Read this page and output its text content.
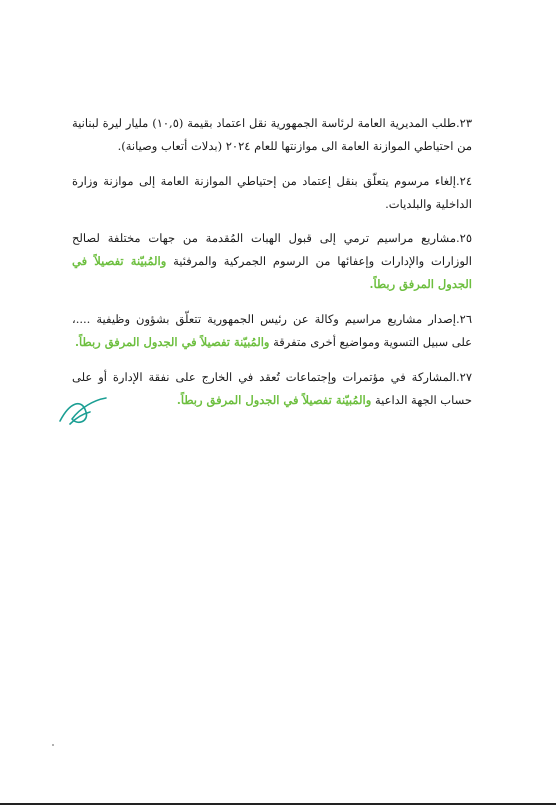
٢٣.طلب المديرية العامة لرئاسة الجمهورية نقل اعتماد بقيمة (١٠,٥) مليار ليرة لبنانية من احتياطي الموازنة العامة الى موازنتها للعام ٢٠٢٤ (بدلات أتعاب وصيانة).

٢٤.إلغاء مرسوم يتعلّق بنقل إعتماد من إحتياطي الموازنة العامة إلى موازنة وزارة الداخلية والبلديات.

٢٥.مشاريع مراسيم ترمي إلى قبول الهبات المُقدمة من جهات مختلفة لصالح الوزارات والإدارات وإعفائها من الرسوم الجمركية والمرفئية والمُبيّنة تفصيلاً في الجدول المرفق ربطاً.

٢٦.إصدار مشاريع مراسيم وكالة عن رئيس الجمهورية تتعلّق بشؤون وظيفية ....، على سبيل التسوية ومواضيع أخرى متفرقة والمُبيّنة تفصيلاً في الجدول المرفق ربطاً.

٢٧.المشاركة في مؤتمرات وإجتماعات تُعقد في الخارج على نفقة الإدارة أو على حساب الجهة الداعية والمُبيّنة تفصيلاً في الجدول المرفق ربطاً.
